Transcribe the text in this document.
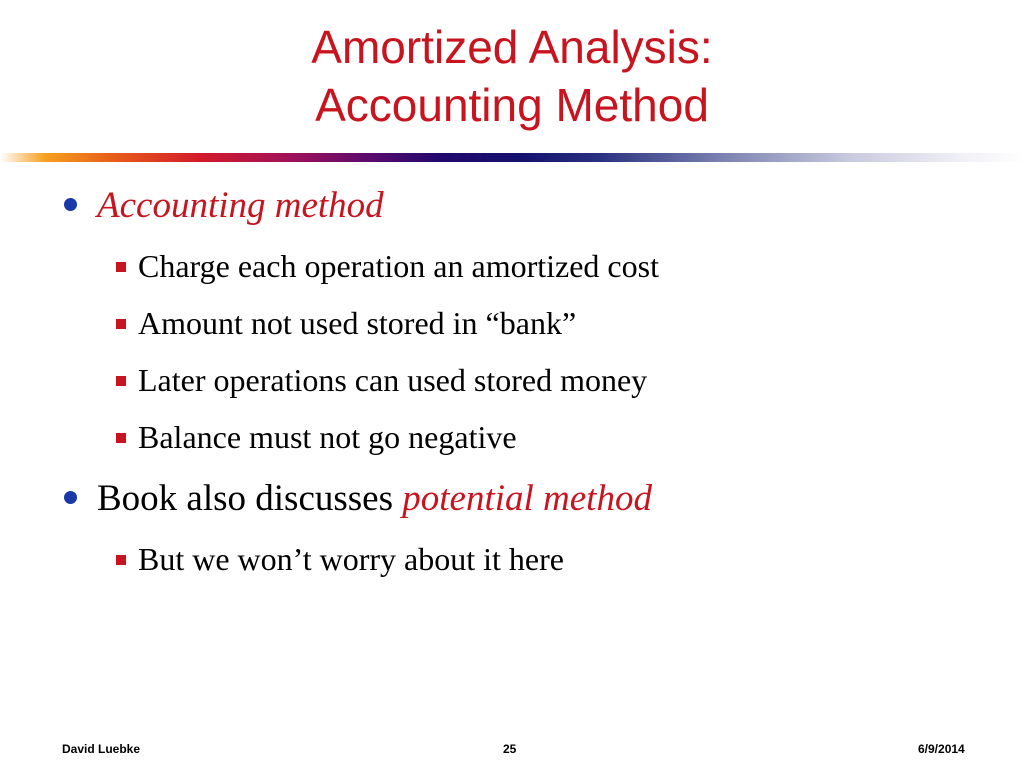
Amortized Analysis:
Accounting Method
Accounting method
Charge each operation an amortized cost
Amount not used stored in “bank”
Later operations can used stored money
Balance must not go negative
Book also discusses potential method
But we won’t worry about it here
David Luebke	25	6/9/2014
